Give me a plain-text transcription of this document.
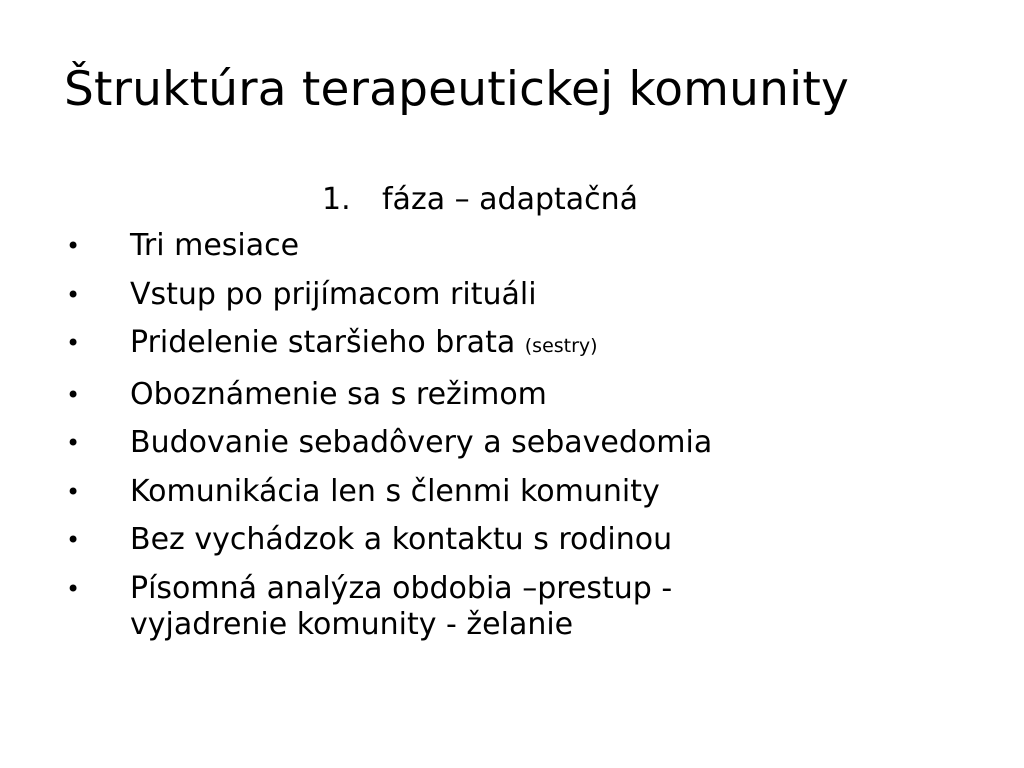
Štruktúra terapeutickej komunity
1. fáza – adaptačná
• Tri mesiace
• Vstup po prijímacom rituáli
• Pridelenie staršieho brata (sestry)
• Oboznámenie sa s režimom
• Budovanie sebadôvery a sebavedomia
• Komunikácia len s členmi komunity
• Bez vychádzok a kontaktu s rodinou
• Písomná analýza obdobia –prestup -
vyjadrenie komunity - želanie
